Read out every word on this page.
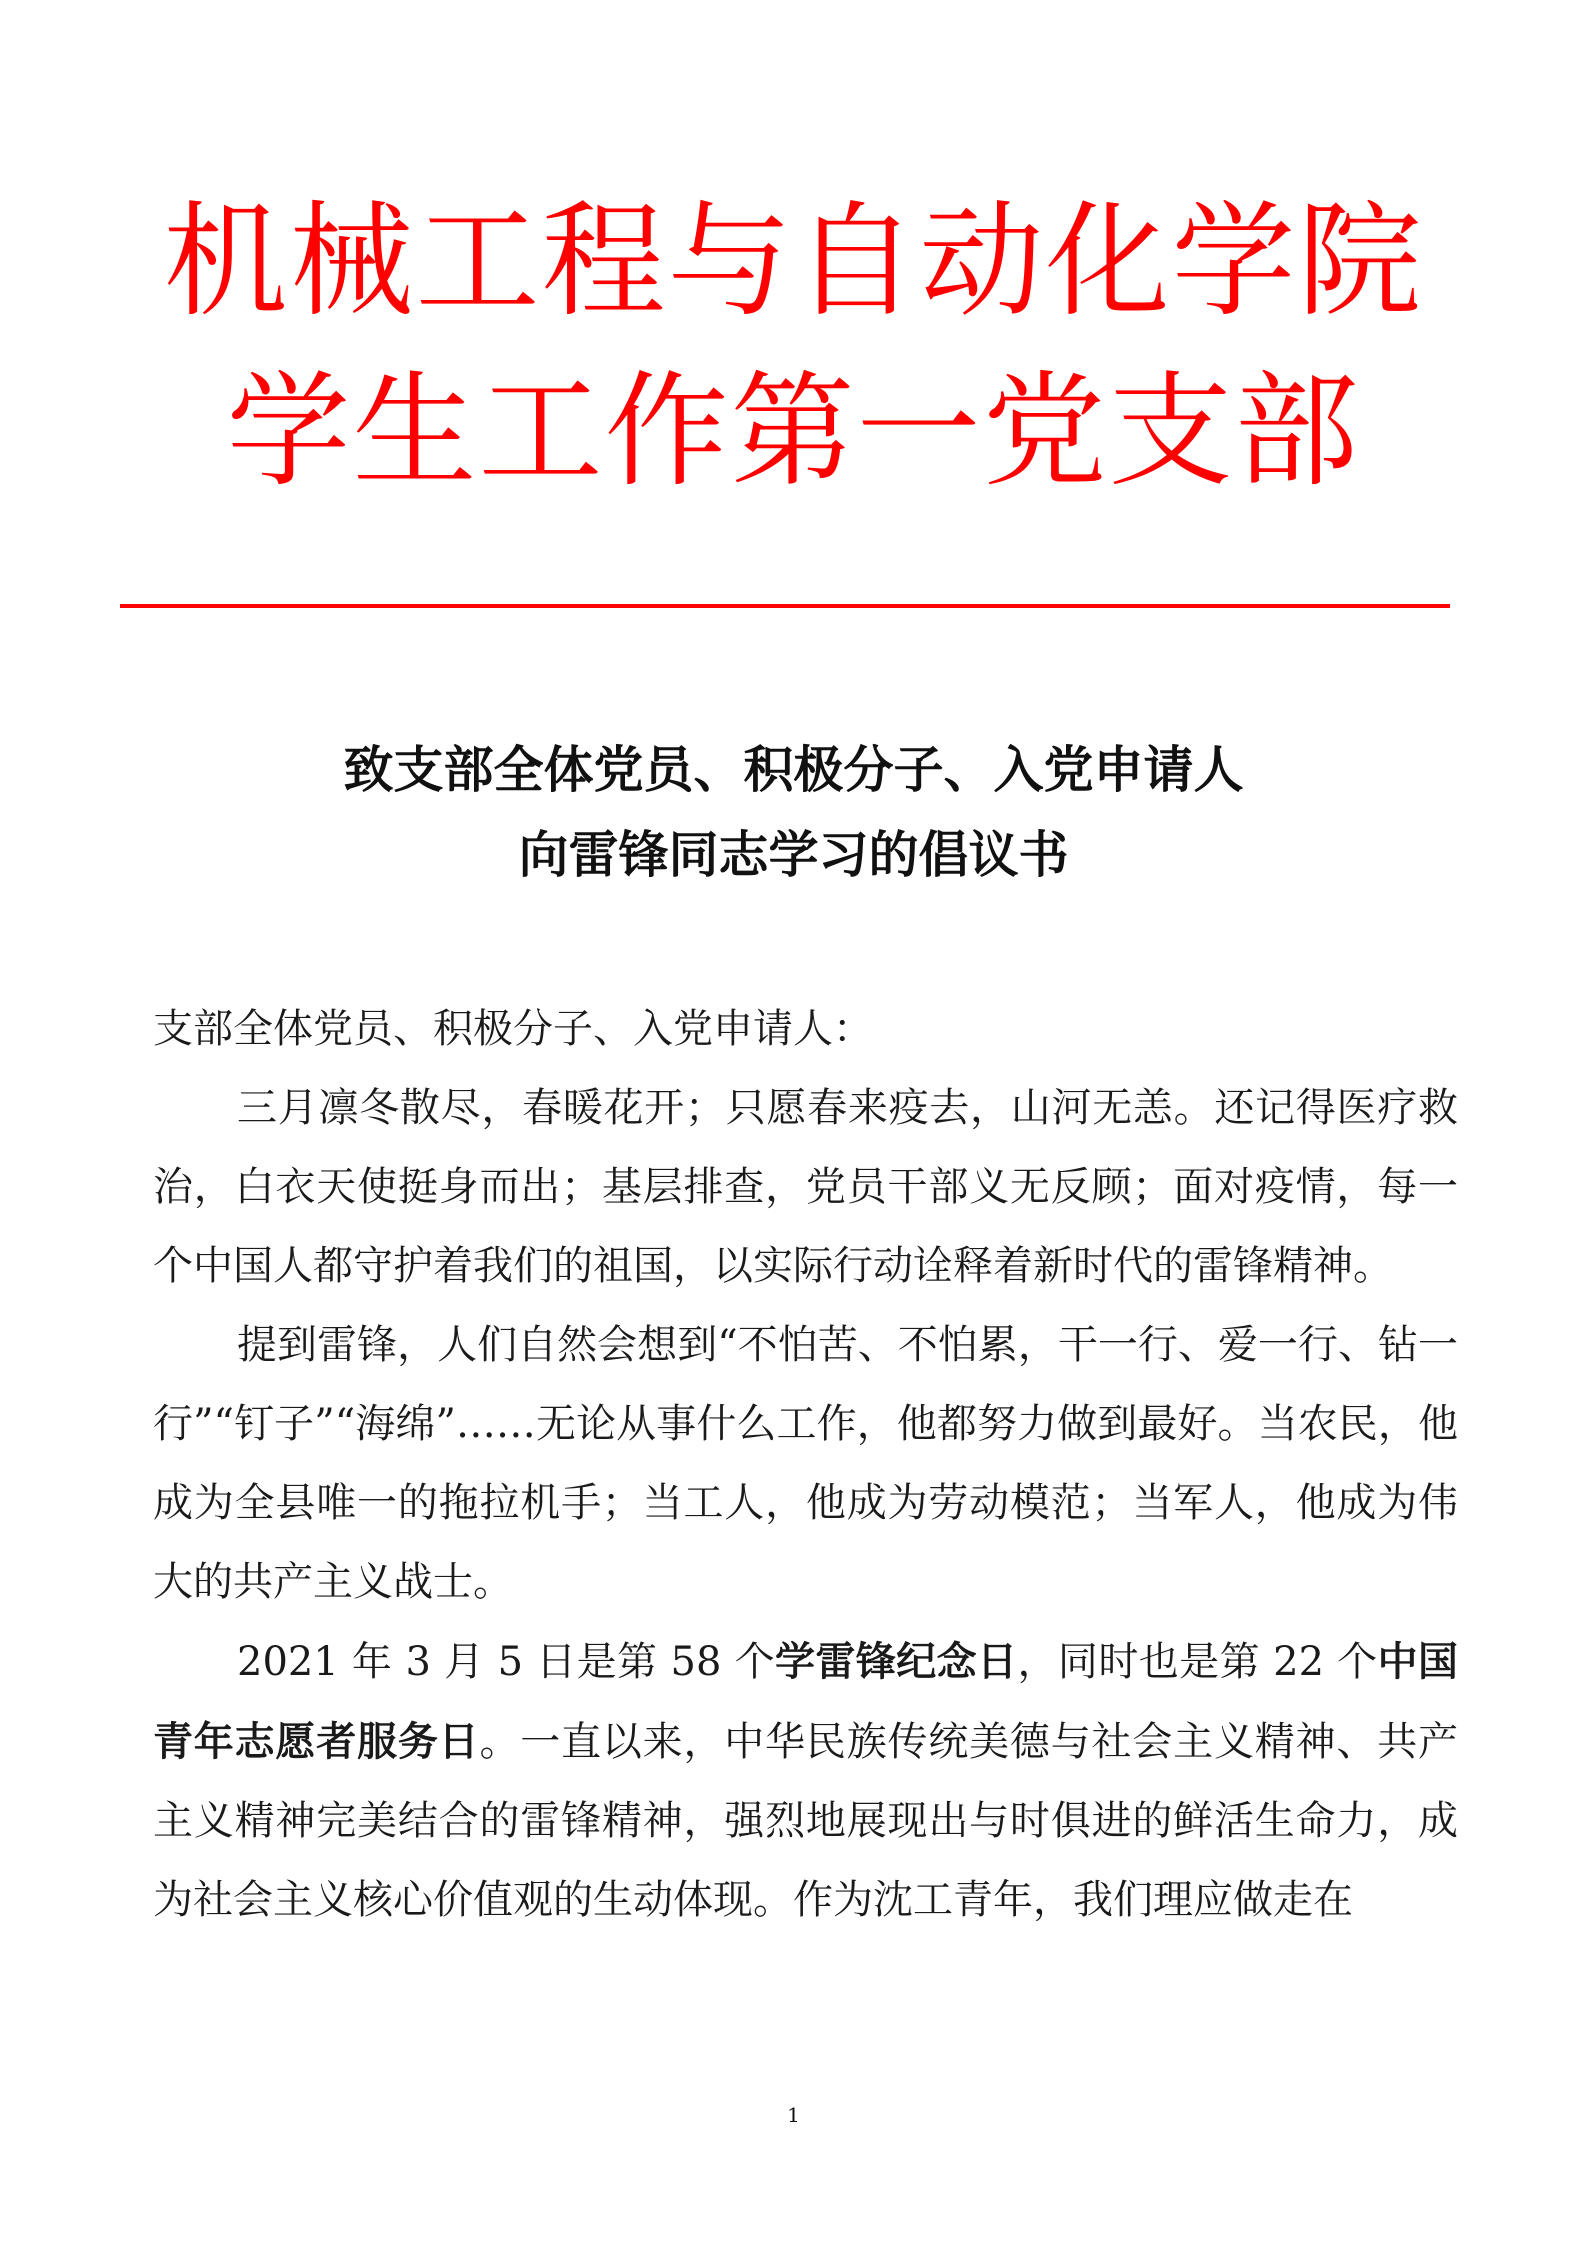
机械工程与自动化学院
学生工作第一党支部
致支部全体党员、积极分子、入党申请人
向雷锋同志学习的倡议书
支部全体党员、积极分子、入党申请人：

三月凛冬散尽，春暖花开；只愿春来疫去，山河无恙。还记得医疗救治，白衣天使挺身而出；基层排查，党员干部义无反顾；面对疫情，每一个中国人都守护着我们的祖国，以实际行动诠释着新时代的雷锋精神。

提到雷锋，人们自然会想到“不怕苦、不怕累，干一行、爱一行、钻一行”“钉子”“海绵”……无论从事什么工作，他都努力做到最好。当农民，他成为全县唯一的拖拉机手；当工人，他成为劳动模范；当军人，他成为伟大的共产主义战士。

2021 年 3 月 5 日是第 58 个学雷锋纪念日，同时也是第 22 个中国青年志愿者服务日。一直以来，中华民族传统美德与社会主义精神、共产主义精神完美结合的雷锋精神，强烈地展现出与时俱进的鲜活生命力，成为社会主义核心价值观的生动体现。作为沈工青年，我们理应做走在

1
